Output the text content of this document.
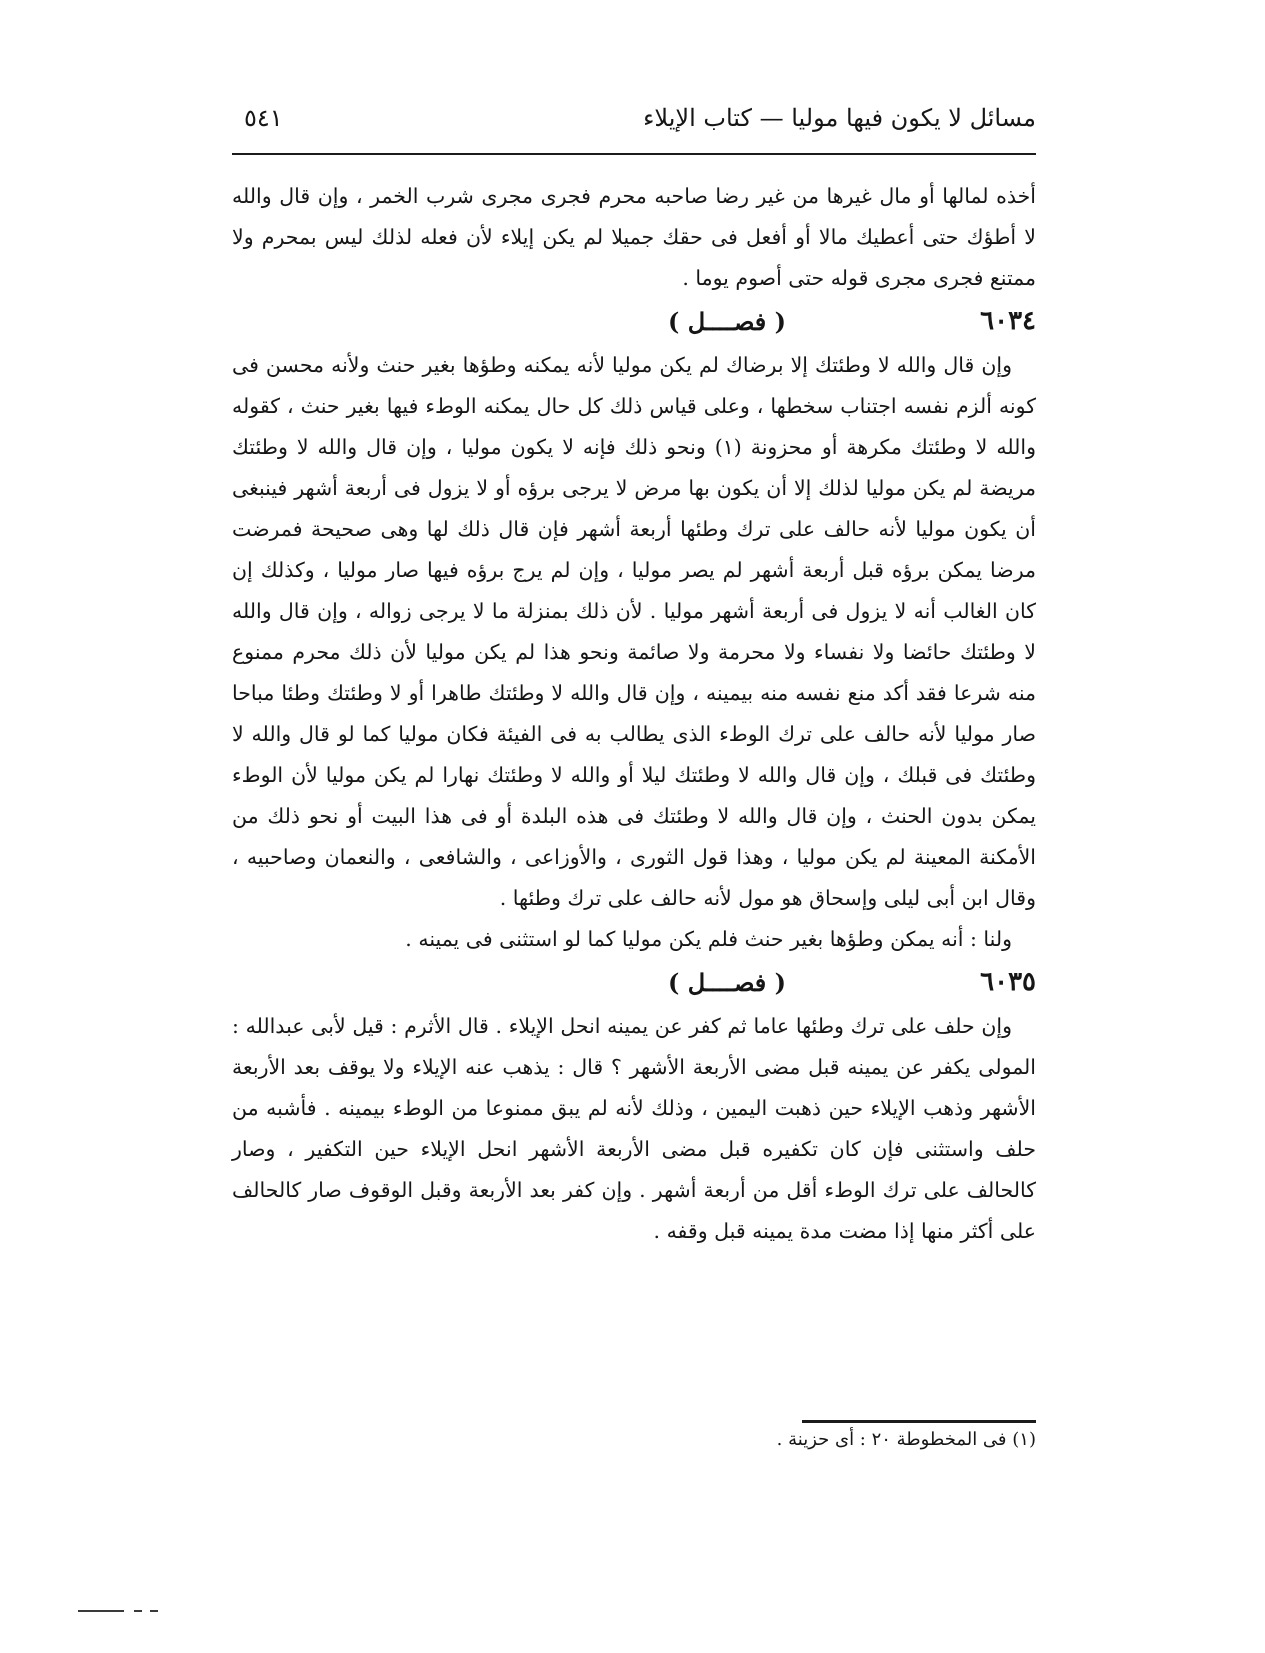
مسائل لا يكون فيها موليا — كتاب الإيلاء
٥٤١

أخذه لمالها أو مال غيرها من غير رضا صاحبه محرم فجرى مجرى شرب الخمر ، وإن قال والله لا أطؤك حتى أعطيك مالا أو أفعل فى حقك جميلا لم يكن إيلاء لأن فعله لذلك ليس بمحرم ولا ممتنع فجرى مجرى قوله حتى أصوم يوما .

٦٠٣٤
( فصــــل )

وإن قال والله لا وطئتك إلا برضاك لم يكن موليا لأنه يمكنه وطؤها بغير حنث ولأنه محسن فى كونه ألزم نفسه اجتناب سخطها ، وعلى قياس ذلك كل حال يمكنه الوطء فيها بغير حنث ، كقوله والله لا وطئتك مكرهة أو محزونة (١) ونحو ذلك فإنه لا يكون موليا ، وإن قال والله لا وطئتك مريضة لم يكن موليا لذلك إلا أن يكون بها مرض لا يرجى برؤه أو لا يزول فى أربعة أشهر فينبغى أن يكون موليا لأنه حالف على ترك وطئها أربعة أشهر فإن قال ذلك لها وهى صحيحة فمرضت مرضا يمكن برؤه قبل أربعة أشهر لم يصر موليا ، وإن لم يرج برؤه فيها صار موليا ، وكذلك إن كان الغالب أنه لا يزول فى أربعة أشهر موليا . لأن ذلك بمنزلة ما لا يرجى زواله ، وإن قال والله لا وطئتك حائضا ولا نفساء ولا محرمة ولا صائمة ونحو هذا لم يكن موليا لأن ذلك محرم ممنوع منه شرعا فقد أكد منع نفسه منه بيمينه ، وإن قال والله لا وطئتك طاهرا أو لا وطئتك وطئا مباحا صار موليا لأنه حالف على ترك الوطء الذى يطالب به فى الفيئة فكان موليا كما لو قال والله لا وطئتك فى قبلك ، وإن قال والله لا وطئتك ليلا أو والله لا وطئتك نهارا لم يكن موليا لأن الوطء يمكن بدون الحنث ، وإن قال والله لا وطئتك فى هذه البلدة أو فى هذا البيت أو نحو ذلك من الأمكنة المعينة لم يكن موليا ، وهذا قول الثورى ، والأوزاعى ، والشافعى ، والنعمان وصاحبيه ، وقال ابن أبى ليلى وإسحاق هو مول لأنه حالف على ترك وطئها .

ولنا : أنه يمكن وطؤها بغير حنث فلم يكن موليا كما لو استثنى فى يمينه .

٦٠٣٥
( فصــــل )

وإن حلف على ترك وطئها عاما ثم كفر عن يمينه انحل الإيلاء . قال الأثرم : قيل لأبى عبدالله : المولى يكفر عن يمينه قبل مضى الأربعة الأشهر ؟ قال : يذهب عنه الإيلاء ولا يوقف بعد الأربعة الأشهر وذهب الإيلاء حين ذهبت اليمين ، وذلك لأنه لم يبق ممنوعا من الوطء بيمينه . فأشبه من حلف واستثنى فإن كان تكفيره قبل مضى الأربعة الأشهر انحل الإيلاء حين التكفير ، وصار كالحالف على ترك الوطء أقل من أربعة أشهر . وإن كفر بعد الأربعة وقبل الوقوف صار كالحالف على أكثر منها إذا مضت مدة يمينه قبل وقفه .

(١) فى المخطوطة ٢٠ : أى حزينة .
